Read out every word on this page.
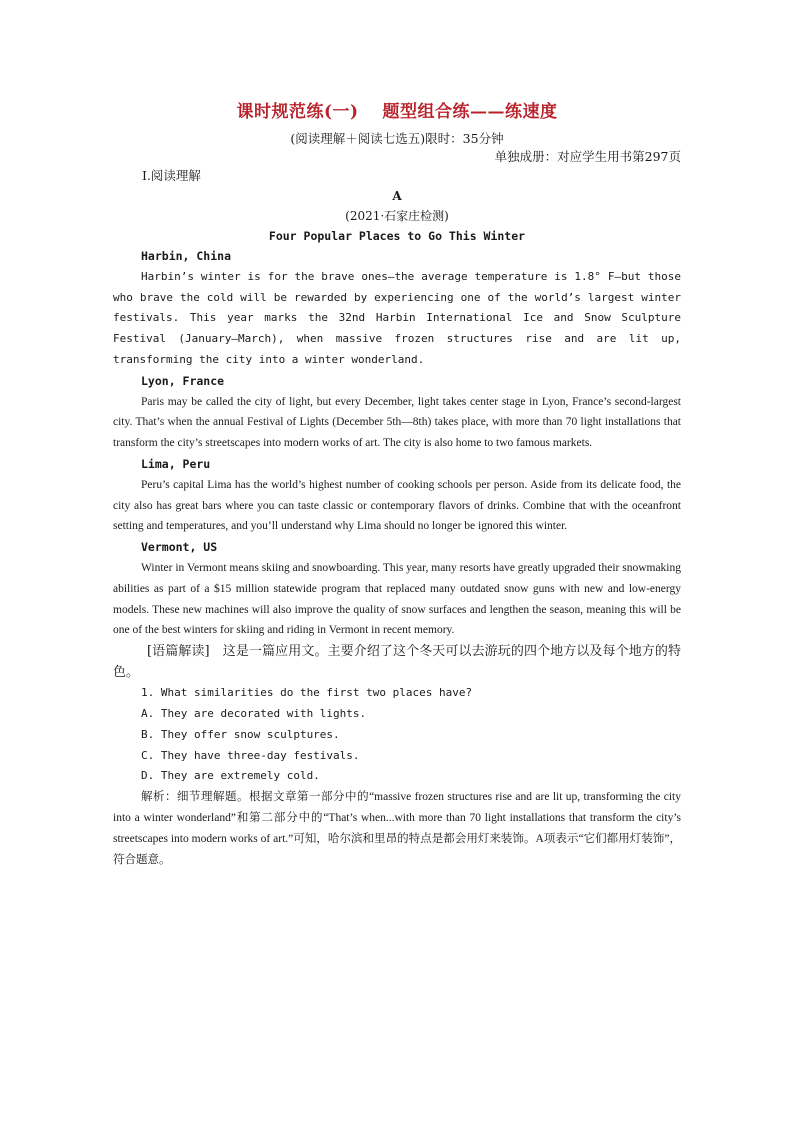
课时规范练(一)　 题型组合练——练速度
(阅读理解＋阅读七选五)限时：35分钟
单独成册：对应学生用书第297页
Ⅰ.阅读理解
A
(2021·石家庄检测)
Four Popular Places to Go This Winter
Harbin, China

Harbin’s winter is for the brave ones—the average temperature is 1.8° F—but those who brave the cold will be rewarded by experiencing one of the world’s largest winter festivals. This year marks the 32nd Harbin International Ice and Snow Sculpture Festival (January—March), when massive frozen structures rise and are lit up, transforming the city into a winter wonderland.

Lyon, France

Paris may be called the city of light, but every December, light takes center stage in Lyon, France’s second-largest city. That’s when the annual Festival of Lights (December 5th—8th) takes place, with more than 70 light installations that transform the city’s streetscapes into modern works of art. The city is also home to two famous markets.

Lima, Peru

Peru’s capital Lima has the world’s highest number of cooking schools per person. Aside from its delicate food, the city also has great bars where you can taste classic or contemporary flavors of drinks. Combine that with the oceanfront setting and temperatures, and you’ll understand why Lima should no longer be ignored this winter.

Vermont, US

Winter in Vermont means skiing and snowboarding. This year, many resorts have greatly upgraded their snowmaking abilities as part of a $15 million statewide program that replaced many outdated snow guns with new and low-energy models. These new machines will also improve the quality of snow surfaces and lengthen the season, meaning this will be one of the best winters for skiing and riding in Vermont in recent memory.

[语篇解读]　这是一篇应用文。主要介绍了这个冬天可以去游玩的四个地方以及每个地方的特色。
1. What similarities do the first two places have?
A. They are decorated with lights.
B. They offer snow sculptures.
C. They have three-day festivals.
D. They are extremely cold.
解析：细节理解题。根据文章第一部分中的“massive frozen structures rise and are lit up, transforming the city into a winter wonderland”和第二部分中的“That’s when...with more than 70 light installations that transform the city’s streetscapes into modern works of art.”可知，哈尔滨和里昂的特点是都会用灯来装饰。A项表示“它们都用灯装饰”，符合题意。
